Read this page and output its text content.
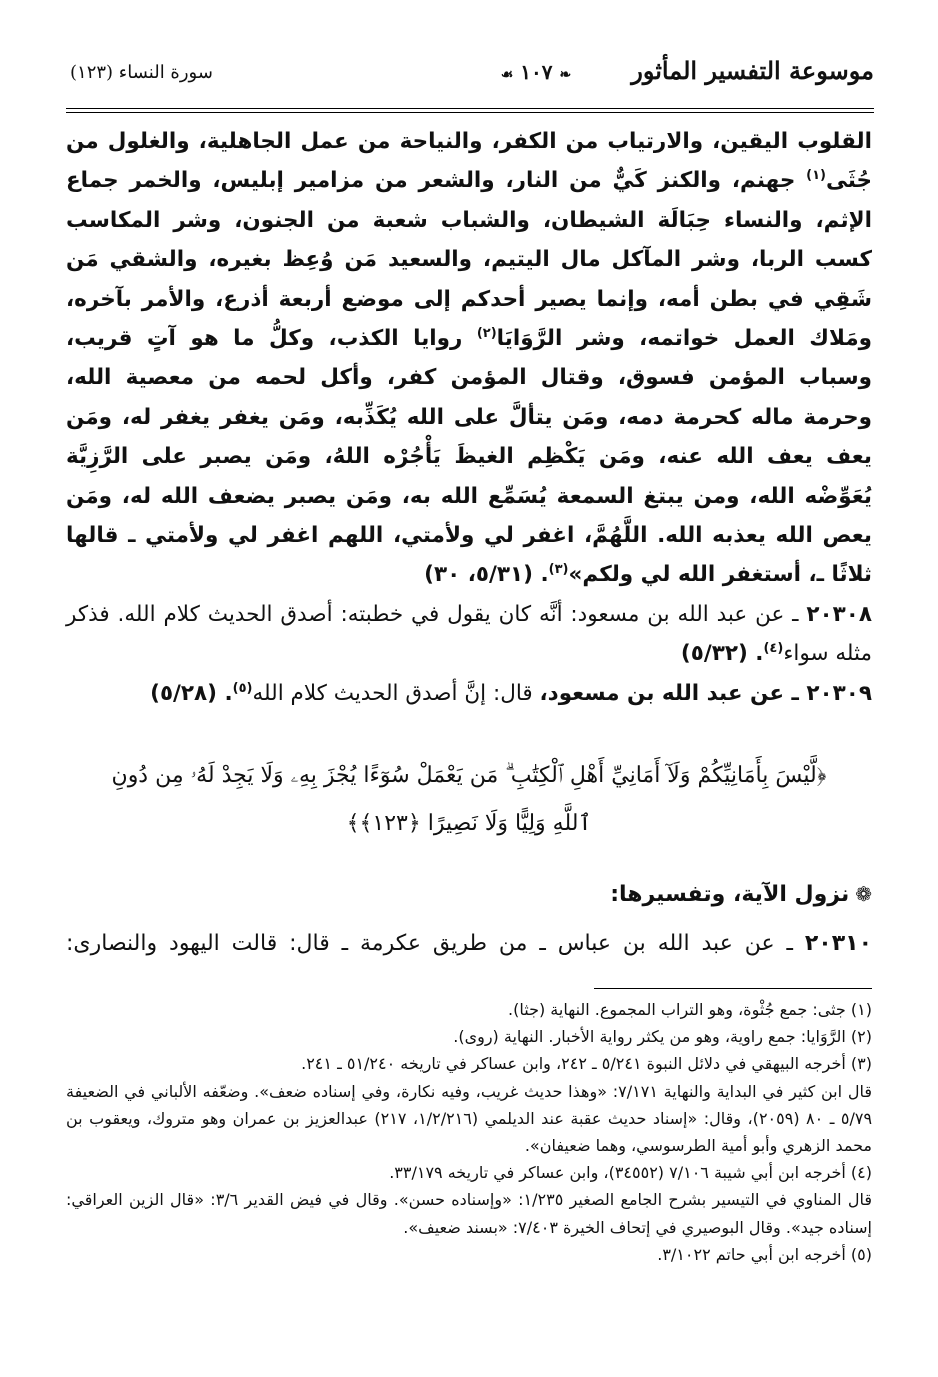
موسوعة التفسير المأثور
❧ ١٠٧ ☙
سورة النساء (١٢٣)

القلوب اليقين، والارتياب من الكفر، والنياحة من عمل الجاهلية، والغلول من جُثَى$^{(١)}$ جهنم، والكنز كَيٌّ من النار، والشعر من مزامير إبليس، والخمر جماع الإثم، والنساء حِبَالَة الشيطان، والشباب شعبة من الجنون، وشر المكاسب كسب الربا، وشر المآكل مال اليتيم، والسعيد مَن وُعِظ بغيره، والشقي مَن شَقِي في بطن أمه، وإنما يصير أحدكم إلى موضع أربعة أذرع، والأمر بآخره، ومَلاك العمل خواتمه، وشر الرَّوَايَا$^{(٢)}$ روايا الكذب، وكلُّ ما هو آتٍ قريب، وسباب المؤمن فسوق، وقتال المؤمن كفر، وأكل لحمه من معصية الله، وحرمة ماله كحرمة دمه، ومَن يتألَّ على الله يُكَذِّبه، ومَن يغفر يغفر له، ومَن يعف يعف الله عنه، ومَن يَكْظِم الغيظَ يَأْجُرْه اللهُ، ومَن يصبر على الرَّزِيَّة يُعَوِّضْه الله، ومن يبتغ السمعة يُسَمِّع الله به، ومَن يصبر يضعف الله له، ومَن يعص الله يعذبه الله. اللَّهُمَّ، اغفر لي ولأمتي، اللهم اغفر لي ولأمتي ـ قالها ثلاثًا ـ، أستغفر الله لي ولكم»$^{(٣)}$. (٥/٣١، ٣٠)

٢٠٣٠٨ ـ عن عبد الله بن مسعود: أنَّه كان يقول في خطبته: أصدق الحديث كلام الله. فذكر مثله سواء$^{(٤)}$. (٥/٣٢)

٢٠٣٠٩ ـ عن عبد الله بن مسعود، قال: إنَّ أصدق الحديث كلام الله$^{(٥)}$. (٥/٢٨)

﴿لَّيْسَ بِأَمَانِيِّكُمْ وَلَآ أَمَانِيِّ أَهْلِ ٱلْكِتَٰبِ ۗ مَن يَعْمَلْ سُوٓءًا يُجْزَ بِهِۦ وَلَا يَجِدْ لَهُۥ مِن دُونِ
ٱللَّهِ وَلِيًّا وَلَا نَصِيرًا ﴿١٢٣﴾﴾
❁نزول الآية، وتفسيرها:
٢٠٣١٠ ـ عن عبد الله بن عباس ـ من طريق عكرمة ـ قال: قالت اليهود والنصارى:

(١) جثى: جمع جُثْوة، وهو التراب المجموع. النهاية (جثا).

(٢) الرَّوَايا: جمع راوية، وهو من يكثر رواية الأخبار. النهاية (روى).

(٣) أخرجه البيهقي في دلائل النبوة ٥/٢٤١ ـ ٢٤٢، وابن عساكر في تاريخه ٥١/٢٤٠ ـ ٢٤١.

قال ابن كثير في البداية والنهاية ٧/١٧١: «وهذا حديث غريب، وفيه نكارة، وفي إسناده ضعف». وضعّفه الألباني في الضعيفة ٥/٧٩ ـ ٨٠ (٢٠٥٩)، وقال: «إسناد حديث عقبة عند الديلمي (١/٢/٢١٦، ٢١٧) عبدالعزيز بن عمران وهو متروك، ويعقوب بن محمد الزهري وأبو أمية الطرسوسي، وهما ضعيفان».

(٤) أخرجه ابن أبي شيبة ٧/١٠٦ (٣٤٥٥٢)، وابن عساكر في تاريخه ٣٣/١٧٩.

قال المناوي في التيسير بشرح الجامع الصغير ١/٢٣٥: «وإسناده حسن». وقال في فيض القدير ٣/٦: «قال الزين العراقي: إسناده جيد». وقال البوصيري في إتحاف الخيرة ٧/٤٠٣: «بسند ضعيف».

(٥) أخرجه ابن أبي حاتم ٣/١٠٢٢.
